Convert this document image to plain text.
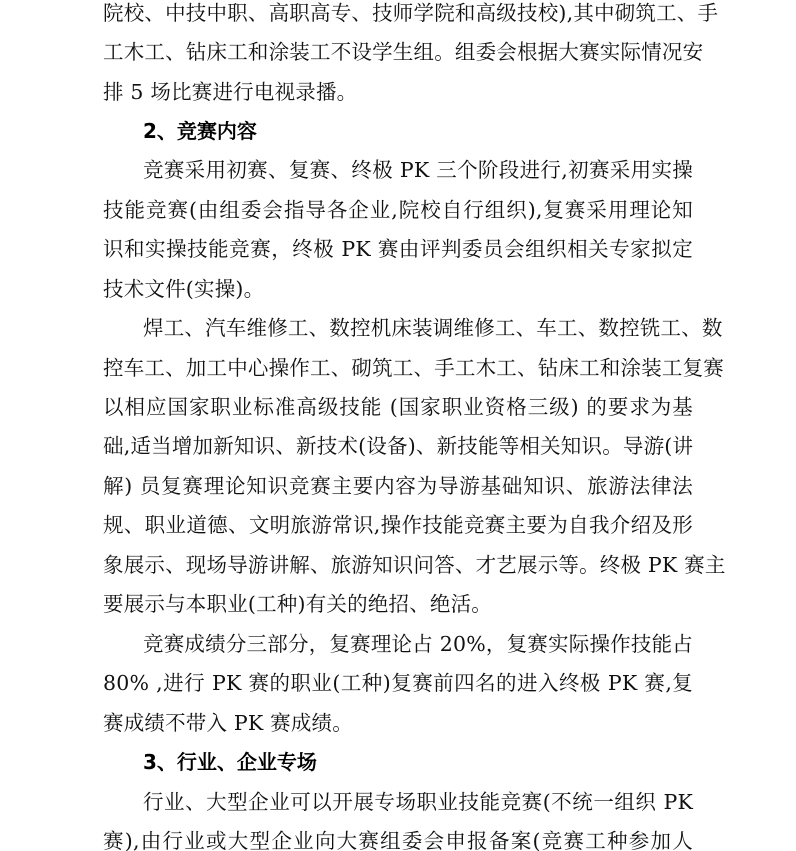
院校、中技中职、高职高专、技师学院和高级技校),其中砌筑工、手
工木工、钻床工和涂装工不设学生组。组委会根据大赛实际情况安
排 5 场比赛进行电视录播。
2、竞赛内容
竞赛采用初赛、复赛、终极 PK 三个阶段进行,初赛采用实操
技能竞赛(由组委会指导各企业,院校自行组织),复赛采用理论知
识和实操技能竞赛，终极 PK 赛由评判委员会组织相关专家拟定
技术文件(实操)。
焊工、汽车维修工、数控机床装调维修工、车工、数控铣工、数
控车工、加工中心操作工、砌筑工、手工木工、钻床工和涂装工复赛
以相应国家职业标准高级技能 (国家职业资格三级) 的要求为基
础,适当增加新知识、新技术(设备)、新技能等相关知识。导游(讲
解) 员复赛理论知识竞赛主要内容为导游基础知识、旅游法律法
规、职业道德、文明旅游常识,操作技能竞赛主要为自我介绍及形
象展示、现场导游讲解、旅游知识问答、才艺展示等。终极 PK 赛主
要展示与本职业(工种)有关的绝招、绝活。
竞赛成绩分三部分，复赛理论占 20%，复赛实际操作技能占
80% ,进行 PK 赛的职业(工种)复赛前四名的进入终极 PK 赛,复
赛成绩不带入 PK 赛成绩。
3、行业、企业专场
行业、大型企业可以开展专场职业技能竞赛(不统一组织 PK
赛),由行业或大型企业向大赛组委会申报备案(竞赛工种参加人
